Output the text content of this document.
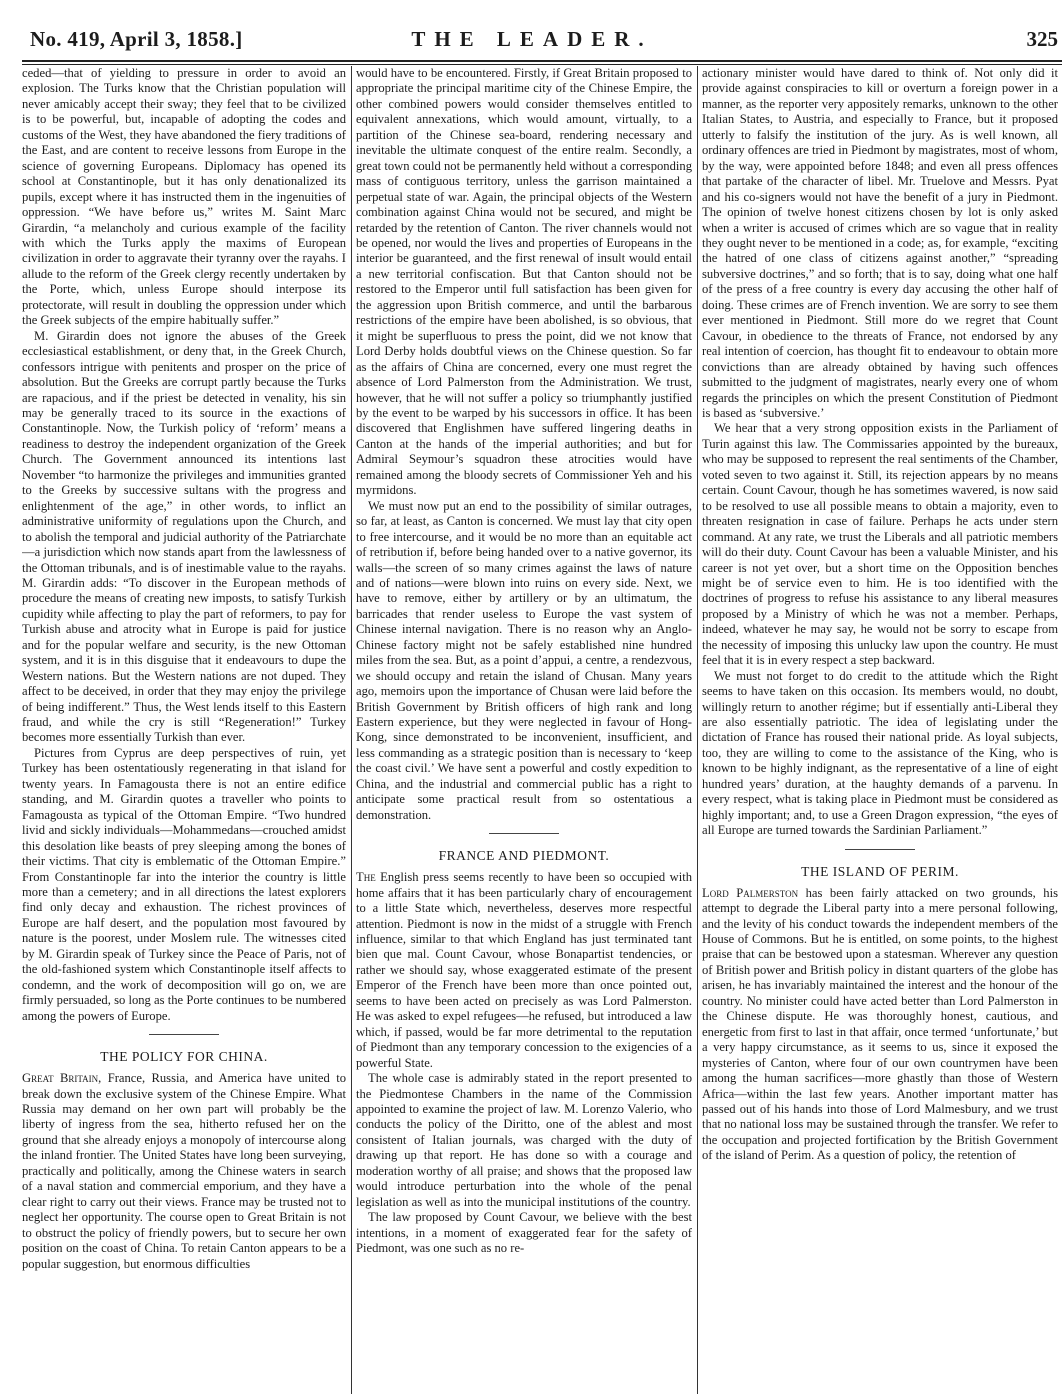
No. 419, April 3, 1858.]	THE LEADER.	325

ceded—that of yielding to pressure in order to avoid an explosion. The Turks know that the Christian population will never amicably accept their sway; they feel that to be civilized is to be powerful, but, incapable of adopting the codes and customs of the West, they have abandoned the fiery traditions of the East, and are content to receive lessons from Europe in the science of governing Europeans. Diplomacy has opened its school at Constantinople, but it has only denationalized its pupils, except where it has instructed them in the ingenuities of oppression. “We have before us,” writes M. Saint Marc Girardin, “a melancholy and curious example of the facility with which the Turks apply the maxims of European civilization in order to aggravate their tyranny over the rayahs. I allude to the reform of the Greek clergy recently undertaken by the Porte, which, unless Europe should interpose its protectorate, will result in doubling the oppression under which the Greek subjects of the empire habitually suffer.”

M. Girardin does not ignore the abuses of the Greek ecclesiastical establishment, or deny that, in the Greek Church, confessors intrigue with penitents and prosper on the price of absolution. But the Greeks are corrupt partly because the Turks are rapacious, and if the priest be detected in venality, his sin may be generally traced to its source in the exactions of Constantinople. Now, the Turkish policy of ‘reform’ means a readiness to destroy the independent organization of the Greek Church. The Government announced its intentions last November “to harmonize the privileges and immunities granted to the Greeks by successive sultans with the progress and enlightenment of the age,” in other words, to inflict an administrative uniformity of regulations upon the Church, and to abolish the temporal and judicial authority of the Patriarchate—a jurisdiction which now stands apart from the lawlessness of the Ottoman tribunals, and is of inestimable value to the rayahs. M. Girardin adds: “To discover in the European methods of procedure the means of creating new imposts, to satisfy Turkish cupidity while affecting to play the part of reformers, to pay for Turkish abuse and atrocity what in Europe is paid for justice and for the popular welfare and security, is the new Ottoman system, and it is in this disguise that it endeavours to dupe the Western nations. But the Western nations are not duped. They affect to be deceived, in order that they may enjoy the privilege of being indifferent.” Thus, the West lends itself to this Eastern fraud, and while the cry is still “Regeneration!” Turkey becomes more essentially Turkish than ever.

Pictures from Cyprus are deep perspectives of ruin, yet Turkey has been ostentatiously regenerating in that island for twenty years. In Famagousta there is not an entire edifice standing, and M. Girardin quotes a traveller who points to Famagousta as typical of the Ottoman Empire. “Two hundred livid and sickly individuals—Mohammedans—crouched amidst this desolation like beasts of prey sleeping among the bones of their victims. That city is emblematic of the Ottoman Empire.” From Constantinople far into the interior the country is little more than a cemetery; and in all directions the latest explorers find only decay and exhaustion. The richest provinces of Europe are half desert, and the population most favoured by nature is the poorest, under Moslem rule. The witnesses cited by M. Girardin speak of Turkey since the Peace of Paris, not of the old-fashioned system which Constantinople itself affects to condemn, and the work of decomposition will go on, we are firmly persuaded, so long as the Porte continues to be numbered among the powers of Europe.

THE POLICY FOR CHINA.

Great Britain, France, Russia, and America have united to break down the exclusive system of the Chinese Empire. What Russia may demand on her own part will probably be the liberty of ingress from the sea, hitherto refused her on the ground that she already enjoys a monopoly of intercourse along the inland frontier. The United States have long been surveying, practically and politically, among the Chinese waters in search of a naval station and commercial emporium, and they have a clear right to carry out their views. France may be trusted not to neglect her opportunity. The course open to Great Britain is not to obstruct the policy of friendly powers, but to secure her own position on the coast of China. To retain Canton appears to be a popular suggestion, but enormous difficulties

would have to be encountered. Firstly, if Great Britain proposed to appropriate the principal maritime city of the Chinese Empire, the other combined powers would consider themselves entitled to equivalent annexations, which would amount, virtually, to a partition of the Chinese sea-board, rendering necessary and inevitable the ultimate conquest of the entire realm. Secondly, a great town could not be permanently held without a corresponding mass of contiguous territory, unless the garrison maintained a perpetual state of war. Again, the principal objects of the Western combination against China would not be secured, and might be retarded by the retention of Canton. The river channels would not be opened, nor would the lives and properties of Europeans in the interior be guaranteed, and the first renewal of insult would entail a new territorial confiscation. But that Canton should not be restored to the Emperor until full satisfaction has been given for the aggression upon British commerce, and until the barbarous restrictions of the empire have been abolished, is so obvious, that it might be superfluous to press the point, did we not know that Lord Derby holds doubtful views on the Chinese question. So far as the affairs of China are concerned, every one must regret the absence of Lord Palmerston from the Administration. We trust, however, that he will not suffer a policy so triumphantly justified by the event to be warped by his successors in office. It has been discovered that Englishmen have suffered lingering deaths in Canton at the hands of the imperial authorities; and but for Admiral Seymour’s squadron these atrocities would have remained among the bloody secrets of Commissioner Yeh and his myrmidons.

We must now put an end to the possibility of similar outrages, so far, at least, as Canton is concerned. We must lay that city open to free intercourse, and it would be no more than an equitable act of retribution if, before being handed over to a native governor, its walls—the screen of so many crimes against the laws of nature and of nations—were blown into ruins on every side. Next, we have to remove, either by artillery or by an ultimatum, the barricades that render useless to Europe the vast system of Chinese internal navigation. There is no reason why an Anglo-Chinese factory might not be safely established nine hundred miles from the sea. But, as a point d’appui, a centre, a rendezvous, we should occupy and retain the island of Chusan. Many years ago, memoirs upon the importance of Chusan were laid before the British Government by British officers of high rank and long Eastern experience, but they were neglected in favour of Hong-Kong, since demonstrated to be inconvenient, insufficient, and less commanding as a strategic position than is necessary to ‘keep the coast civil.’ We have sent a powerful and costly expedition to China, and the industrial and commercial public has a right to anticipate some practical result from so ostentatious a demonstration.

FRANCE AND PIEDMONT.

The English press seems recently to have been so occupied with home affairs that it has been particularly chary of encouragement to a little State which, nevertheless, deserves more respectful attention. Piedmont is now in the midst of a struggle with French influence, similar to that which England has just terminated tant bien que mal. Count Cavour, whose Bonapartist tendencies, or rather we should say, whose exaggerated estimate of the present Emperor of the French have been more than once pointed out, seems to have been acted on precisely as was Lord Palmerston. He was asked to expel refugees—he refused, but introduced a law which, if passed, would be far more detrimental to the reputation of Piedmont than any temporary concession to the exigencies of a powerful State.

The whole case is admirably stated in the report presented to the Piedmontese Chambers in the name of the Commission appointed to examine the project of law. M. Lorenzo Valerio, who conducts the policy of the Diritto, one of the ablest and most consistent of Italian journals, was charged with the duty of drawing up that report. He has done so with a courage and moderation worthy of all praise; and shows that the proposed law would introduce perturbation into the whole of the penal legislation as well as into the municipal institutions of the country.

The law proposed by Count Cavour, we believe with the best intentions, in a moment of exaggerated fear for the safety of Piedmont, was one such as no re-

actionary minister would have dared to think of. Not only did it provide against conspiracies to kill or overturn a foreign power in a manner, as the reporter very appositely remarks, unknown to the other Italian States, to Austria, and especially to France, but it proposed utterly to falsify the institution of the jury. As is well known, all ordinary offences are tried in Piedmont by magistrates, most of whom, by the way, were appointed before 1848; and even all press offences that partake of the character of libel. Mr. Truelove and Messrs. Pyat and his co-signers would not have the benefit of a jury in Piedmont. The opinion of twelve honest citizens chosen by lot is only asked when a writer is accused of crimes which are so vague that in reality they ought never to be mentioned in a code; as, for example, “exciting the hatred of one class of citizens against another,” “spreading subversive doctrines,” and so forth; that is to say, doing what one half of the press of a free country is every day accusing the other half of doing. These crimes are of French invention. We are sorry to see them ever mentioned in Piedmont. Still more do we regret that Count Cavour, in obedience to the threats of France, not endorsed by any real intention of coercion, has thought fit to endeavour to obtain more convictions than are already obtained by having such offences submitted to the judgment of magistrates, nearly every one of whom regards the principles on which the present Constitution of Piedmont is based as ‘subversive.’

We hear that a very strong opposition exists in the Parliament of Turin against this law. The Commissaries appointed by the bureaux, who may be supposed to represent the real sentiments of the Chamber, voted seven to two against it. Still, its rejection appears by no means certain. Count Cavour, though he has sometimes wavered, is now said to be resolved to use all possible means to obtain a majority, even to threaten resignation in case of failure. Perhaps he acts under stern command. At any rate, we trust the Liberals and all patriotic members will do their duty. Count Cavour has been a valuable Minister, and his career is not yet over, but a short time on the Opposition benches might be of service even to him. He is too identified with the doctrines of progress to refuse his assistance to any liberal measures proposed by a Ministry of which he was not a member. Perhaps, indeed, whatever he may say, he would not be sorry to escape from the necessity of imposing this unlucky law upon the country. He must feel that it is in every respect a step backward.

We must not forget to do credit to the attitude which the Right seems to have taken on this occasion. Its members would, no doubt, willingly return to another régime; but if essentially anti-Liberal they are also essentially patriotic. The idea of legislating under the dictation of France has roused their national pride. As loyal subjects, too, they are willing to come to the assistance of the King, who is known to be highly indignant, as the representative of a line of eight hundred years’ duration, at the haughty demands of a parvenu. In every respect, what is taking place in Piedmont must be considered as highly important; and, to use a Green Dragon expression, “the eyes of all Europe are turned towards the Sardinian Parliament.”

THE ISLAND OF PERIM.

Lord Palmerston has been fairly attacked on two grounds, his attempt to degrade the Liberal party into a mere personal following, and the levity of his conduct towards the independent members of the House of Commons. But he is entitled, on some points, to the highest praise that can be bestowed upon a statesman. Wherever any question of British power and British policy in distant quarters of the globe has arisen, he has invariably maintained the interest and the honour of the country. No minister could have acted better than Lord Palmerston in the Chinese dispute. He was thoroughly honest, cautious, and energetic from first to last in that affair, once termed ‘unfortunate,’ but a very happy circumstance, as it seems to us, since it exposed the mysteries of Canton, where four of our own countrymen have been among the human sacrifices—more ghastly than those of Western Africa—within the last few years. Another important matter has passed out of his hands into those of Lord Malmesbury, and we trust that no national loss may be sustained through the transfer. We refer to the occupation and projected fortification by the British Government of the island of Perim. As a question of policy, the retention of
